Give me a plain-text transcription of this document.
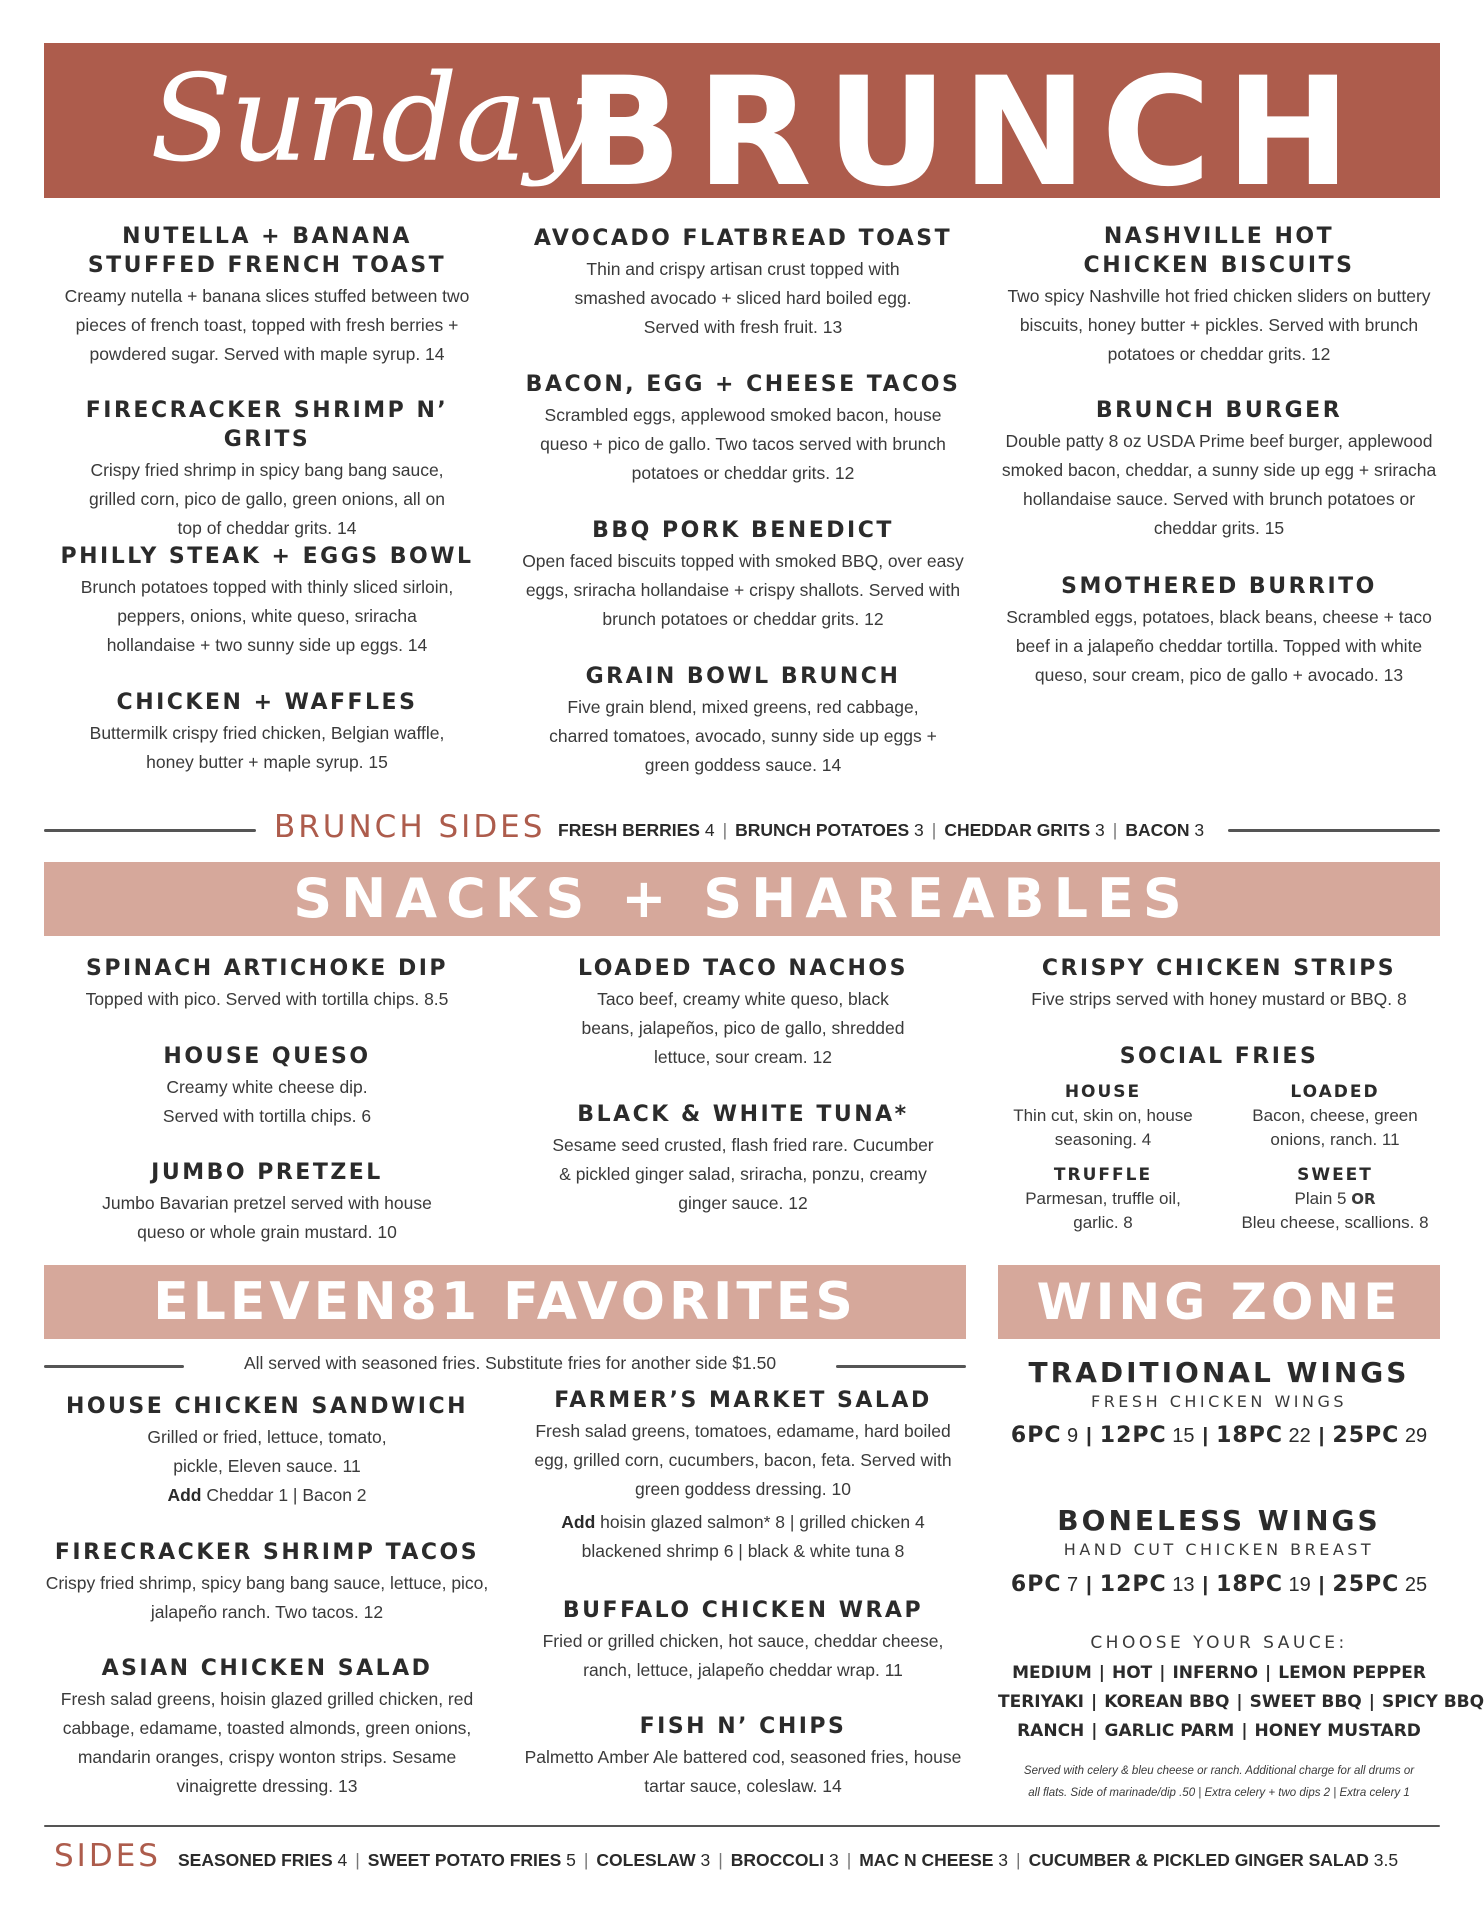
Sunday
BRUNCH
NUTELLA + BANANA
STUFFED FRENCH TOAST

Creamy nutella + banana slices stuffed between two pieces of french toast, topped with fresh berries + powdered sugar. Served with maple syrup. 14

FIRECRACKER SHRIMP N’ GRITS

Crispy fried shrimp in spicy bang bang sauce, grilled corn, pico de gallo, green onions, all on top of cheddar grits. 14

PHILLY STEAK + EGGS BOWL

Brunch potatoes topped with thinly sliced sirloin, peppers, onions, white queso, sriracha hollandaise + two sunny side up eggs. 14

CHICKEN + WAFFLES

Buttermilk crispy fried chicken, Belgian waffle, honey butter + maple syrup. 15

AVOCADO FLATBREAD TOAST

Thin and crispy artisan crust topped with smashed avocado + sliced hard boiled egg. Served with fresh fruit. 13

BACON, EGG + CHEESE TACOS

Scrambled eggs, applewood smoked bacon, house queso + pico de gallo. Two tacos served with brunch potatoes or cheddar grits. 12

BBQ PORK BENEDICT

Open faced biscuits topped with smoked BBQ, over easy eggs, sriracha hollandaise + crispy shallots. Served with brunch potatoes or cheddar grits. 12

GRAIN BOWL BRUNCH

Five grain blend, mixed greens, red cabbage, charred tomatoes, avocado, sunny side up eggs + green goddess sauce. 14

NASHVILLE HOT
CHICKEN BISCUITS

Two spicy Nashville hot fried chicken sliders on buttery biscuits, honey butter + pickles. Served with brunch potatoes or cheddar grits. 12

BRUNCH BURGER

Double patty 8 oz USDA Prime beef burger, applewood smoked bacon, cheddar, a sunny side up egg + sriracha hollandaise sauce. Served with brunch potatoes or cheddar grits. 15

SMOTHERED BURRITO

Scrambled eggs, potatoes, black beans, cheese + taco beef in a jalapeño cheddar tortilla. Topped with white queso, sour cream, pico de gallo + avocado. 13

BRUNCH SIDES FRESH BERRIES 4 | BRUNCH POTATOES 3 | CHEDDAR GRITS 3 | BACON 3
SNACKS + SHAREABLES
SPINACH ARTICHOKE DIP

Topped with pico. Served with tortilla chips. 8.5

HOUSE QUESO

Creamy white cheese dip. Served with tortilla chips. 6

JUMBO PRETZEL

Jumbo Bavarian pretzel served with house queso or whole grain mustard. 10

LOADED TACO NACHOS

Taco beef, creamy white queso, black beans, jalapeños, pico de gallo, shredded lettuce, sour cream. 12

BLACK & WHITE TUNA*

Sesame seed crusted, flash fried rare. Cucumber & pickled ginger salad, sriracha, ponzu, creamy ginger sauce. 12

CRISPY CHICKEN STRIPS

Five strips served with honey mustard or BBQ. 8

SOCIAL FRIES
HOUSE

Thin cut, skin on, house seasoning. 4

LOADED

Bacon, cheese, green onions, ranch. 11

TRUFFLE

Parmesan, truffle oil, garlic. 8

SWEET

Plain 5 OR
Bleu cheese, scallions. 8

ELEVEN81 FAVORITES	WING ZONE
All served with seasoned fries. Substitute fries for another side $1.50
HOUSE CHICKEN SANDWICH

Grilled or fried, lettuce, tomato, pickle, Eleven sauce. 11

Add Cheddar 1 | Bacon 2

FIRECRACKER SHRIMP TACOS

Crispy fried shrimp, spicy bang bang sauce, lettuce, pico, jalapeño ranch. Two tacos. 12

ASIAN CHICKEN SALAD

Fresh salad greens, hoisin glazed grilled chicken, red cabbage, edamame, toasted almonds, green onions, mandarin oranges, crispy wonton strips. Sesame vinaigrette dressing. 13

FARMER’S MARKET SALAD

Fresh salad greens, tomatoes, edamame, hard boiled egg, grilled corn, cucumbers, bacon, feta. Served with green goddess dressing. 10

Add hoisin glazed salmon* 8 | grilled chicken 4 blackened shrimp 6 | black & white tuna 8

BUFFALO CHICKEN WRAP

Fried or grilled chicken, hot sauce, cheddar cheese, ranch, lettuce, jalapeño cheddar wrap. 11

FISH N’ CHIPS

Palmetto Amber Ale battered cod, seasoned fries, house tartar sauce, coleslaw. 14

TRADITIONAL WINGS
FRESH CHICKEN WINGS
6PC 9 | 12PC 15 | 18PC 22 | 25PC 29
BONELESS WINGS
HAND CUT CHICKEN BREAST
6PC 7 | 12PC 13 | 18PC 19 | 25PC 25
CHOOSE YOUR SAUCE:
MEDIUM | HOT | INFERNO | LEMON PEPPER
TERIYAKI | KOREAN BBQ | SWEET BBQ | SPICY BBQ
RANCH | GARLIC PARM | HONEY MUSTARD
Served with celery & bleu cheese or ranch. Additional charge for all drums or
all flats. Side of marinade/dip .50 | Extra celery + two dips 2 | Extra celery 1
SIDES SEASONED FRIES 4 | SWEET POTATO FRIES 5 | COLESLAW 3 | BROCCOLI 3 | MAC N CHEESE 3 | CUCUMBER & PICKLED GINGER SALAD 3.5
